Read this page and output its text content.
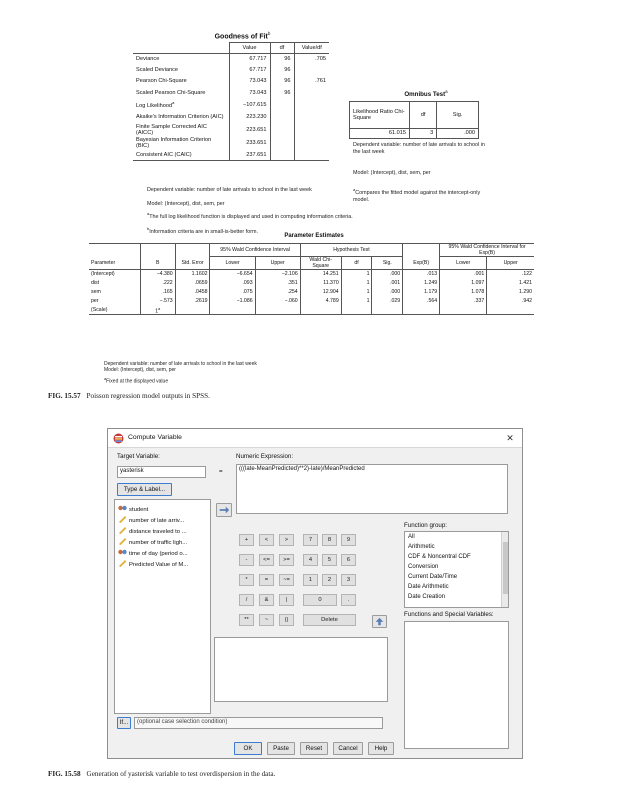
Goodness of Fit$^b$
	Value	df	Value/df
Deviance	67.717	96	.705
Scaled Deviance	67.717	96	
Pearson Chi-Square	73.043	96	.761
Scaled Pearson Chi-Square	73.043	96	
Log Likelihood$^a$	−107.615		
Akaike's Information Criterion (AIC)	223.230		
Finite Sample Corrected AIC (AICC)	223.651		
Bayesian Information Criterion (BIC)	233.651		
Consistent AIC (CAIC)	237.651		
Dependent variable: number of late arrivals to school in the last week
Model: (Intercept), dist, sem, per
$^a$The full log likelihood function is displayed and used in computing information criteria.
$^b$Information criteria are in small-is-better form.
Omnibus Test$^a$
Likelihood Ratio Chi-Square	df	Sig.
61.015	3	.000
Dependent variable: number of late arrivals to school in the last week
Model: (Intercept), dist, sem, per
$^a$Compares the fitted model against the intercept-only model.
Parameter Estimates
			95% Wald Confidence Interval		Hypothesis Test				95% Wald Confidence Interval for Exp(B)	
Parameter	B	Std. Error	Lower	Upper	Wald Chi-Square	df	Sig.	Exp(B)	Lower	Upper
(Intercept)	−4.380	1.1602	−6.654	−2.106	14.251	1	.000	.013	.001	.122
dist	.222	.0659	.093	.351	11.370	1	.001	1.249	1.097	1.421
sem	.165	.0458	.075	.254	12.904	1	.000	1.179	1.078	1.290
per	−.573	.2619	−1.086	−.060	4.789	1	.029	.564	.337	.942
(Scale)	1$^a$									
Dependent variable: number of late arrivals to school in the last week
Model: (Intercept), dist, sem, per
$^a$Fixed at the displayed value
FIG. 15.57 Poisson regression model outputs in SPSS.
Compute Variable	✕
Target Variable:
yasterisk	=
Numeric Expression:
(((late-MeanPredicted)**2)-late)/MeanPredicted
Type & Label...
student
number of late arriv...
distance traveled to ...
number of traffic ligh...
time of day (period o...
Predicted Value of M...
+	<	>	7	8	9
-	<=	>=	4	5	6
*	=	~=	1	2	3
/	&	|	0	.
**	~	()	Delete
Function group:
All
Arithmetic
CDF & Noncentral CDF
Conversion
Current Date/Time
Date Arithmetic
Date Creation
Functions and Special Variables:
If...	(optional case selection condition)
OK	Paste	Reset	Cancel	Help
FIG. 15.58 Generation of yasterisk variable to test overdispersion in the data.
